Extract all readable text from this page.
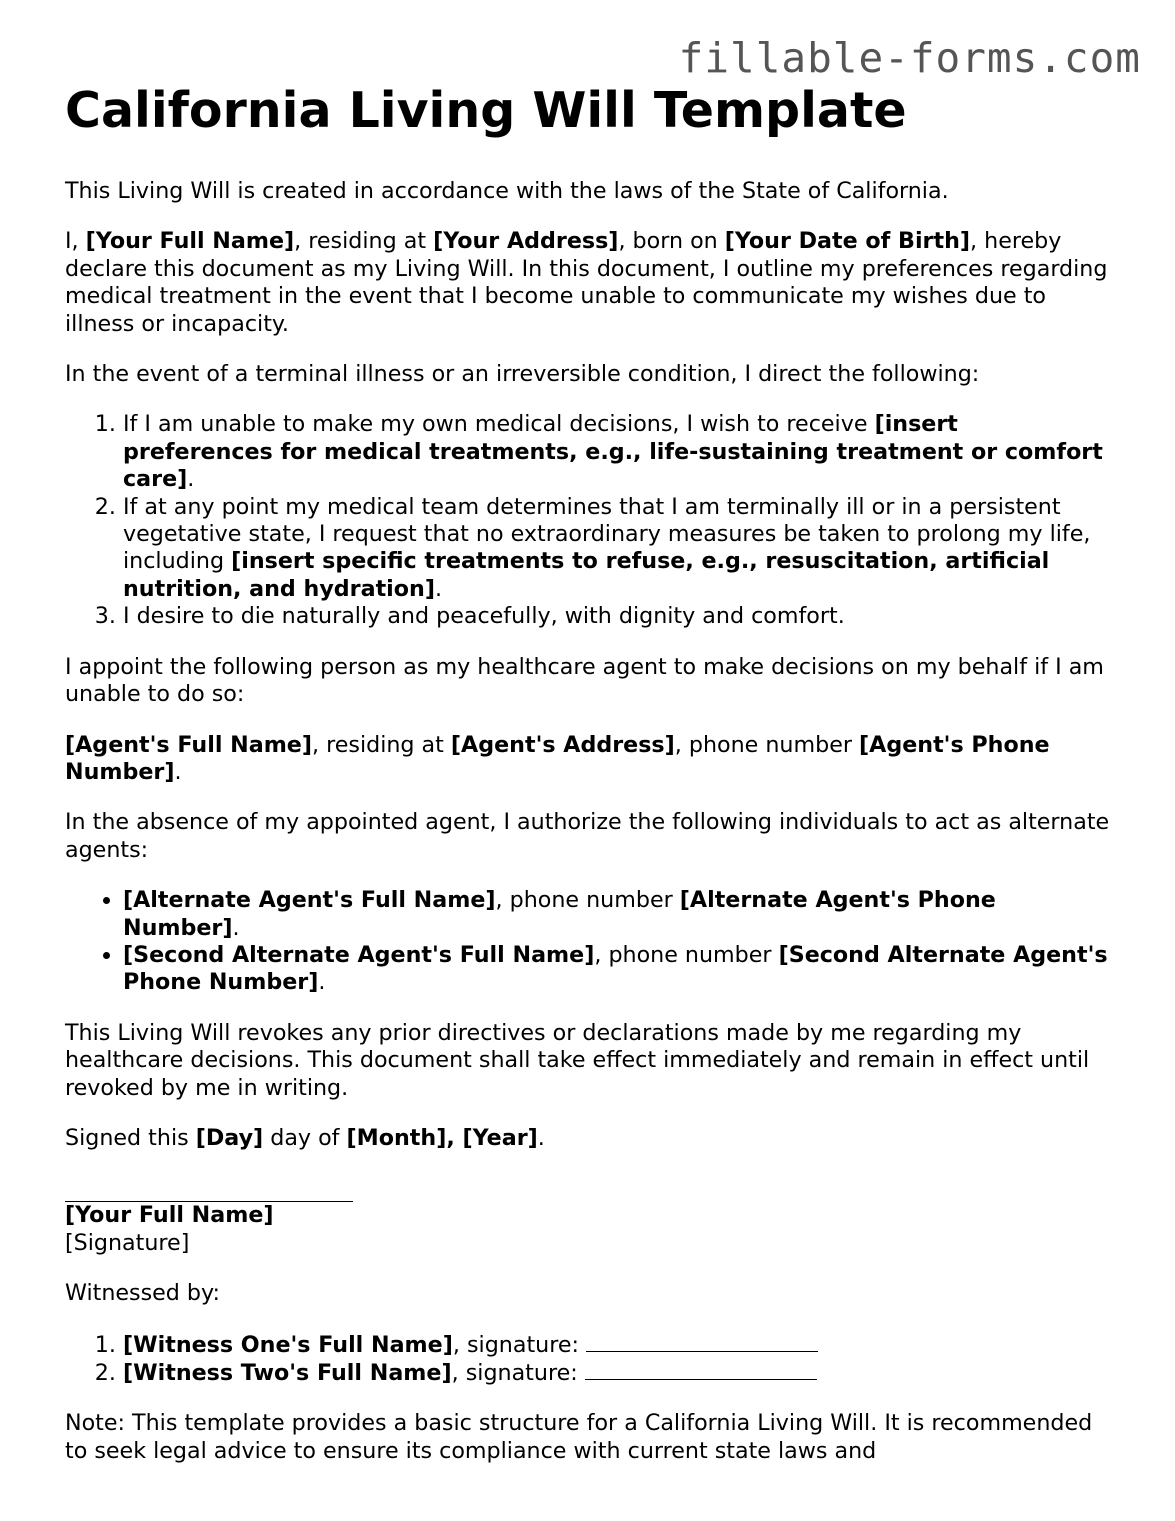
fillable-forms.com
California Living Will Template

This Living Will is created in accordance with the laws of the State of California.

I, [Your Full Name], residing at [Your Address], born on [Your Date of Birth], hereby declare this document as my Living Will. In this document, I outline my preferences regarding medical treatment in the event that I become unable to communicate my wishes due to illness or incapacity.

In the event of a terminal illness or an irreversible condition, I direct the following:

1. If I am unable to make my own medical decisions, I wish to receive [insert preferences for medical treatments, e.g., life-sustaining treatment or comfort care].
2. If at any point my medical team determines that I am terminally ill or in a persistent vegetative state, I request that no extraordinary measures be taken to prolong my life, including [insert specific treatments to refuse, e.g., resuscitation, artificial nutrition, and hydration].
3. I desire to die naturally and peacefully, with dignity and comfort.

I appoint the following person as my healthcare agent to make decisions on my behalf if I am unable to do so:

[Agent's Full Name], residing at [Agent's Address], phone number [Agent's Phone Number].

In the absence of my appointed agent, I authorize the following individuals to act as alternate agents:

• [Alternate Agent's Full Name], phone number [Alternate Agent's Phone Number].
• [Second Alternate Agent's Full Name], phone number [Second Alternate Agent's Phone Number].

This Living Will revokes any prior directives or declarations made by me regarding my healthcare decisions. This document shall take effect immediately and remain in effect until revoked by me in writing.

Signed this [Day] day of [Month], [Year].

[Your Full Name]

[Signature]

Witnessed by:

1. [Witness One's Full Name], signature:
2. [Witness Two's Full Name], signature:

Note: This template provides a basic structure for a California Living Will. It is recommended to seek legal advice to ensure its compliance with current state laws and
